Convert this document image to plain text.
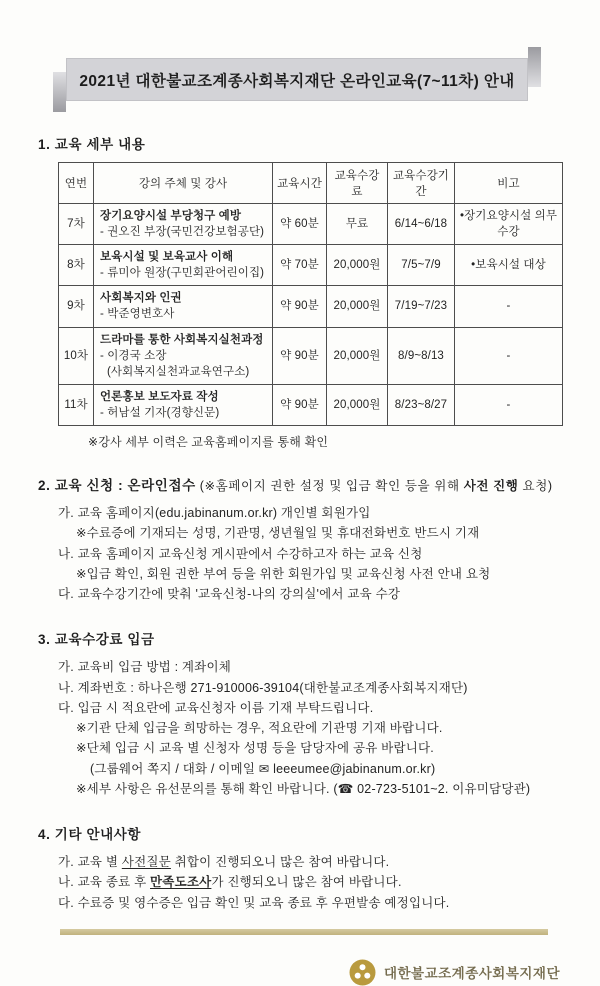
2021년 대한불교조계종사회복지재단 온라인교육(7~11차) 안내
1. 교육 세부 내용
연번	강의 주체 및 강사	교육시간	교육수강료	교육수강기간	비고
7차	장기요양시설 부당청구 예방
- 권오진 부장(국민건강보험공단)	약 60분	무료	6/14~6/18	•장기요양시설 의무수강
8차	보육시설 및 보육교사 이해
- 류미아 원장(구민회관어린이집)	약 70분	20,000원	7/5~7/9	•보육시설 대상
9차	사회복지와 인권
- 박준영변호사	약 90분	20,000원	7/19~7/23	-
10차	드라마를 통한 사회복지실천과정
- 이경국 소장
(사회복지실천과교육연구소)	약 90분	20,000원	8/9~8/13	-
11차	언론홍보 보도자료 작성
- 허남설 기자(경향신문)	약 90분	20,000원	8/23~8/27	-
※강사 세부 이력은 교육홈페이지를 통해 확인
2. 교육 신청 : 온라인접수 (※홈페이지 권한 설정 및 입금 확인 등을 위해 사전 진행 요청)
가. 교육 홈페이지(edu.jabinanum.or.kr) 개인별 회원가입
※수료증에 기재되는 성명, 기관명, 생년월일 및 휴대전화번호 반드시 기재
나. 교육 홈페이지 교육신청 게시판에서 수강하고자 하는 교육 신청
※입금 확인, 회원 권한 부여 등을 위한 회원가입 및 교육신청 사전 안내 요청
다. 교육수강기간에 맞춰 '교육신청-나의 강의실'에서 교육 수강
3. 교육수강료 입금
가. 교육비 입금 방법 : 계좌이체
나. 계좌번호 : 하나은행 271-910006-39104(대한불교조계종사회복지재단)
다. 입금 시 적요란에 교육신청자 이름 기재 부탁드립니다.
※기관 단체 입금을 희망하는 경우, 적요란에 기관명 기재 바랍니다.
※단체 입금 시 교육 별 신청자 성명 등을 담당자에 공유 바랍니다.
(그룹웨어 쪽지 / 대화 / 이메일 ✉ leeeumee@jabinanum.or.kr)
※세부 사항은 유선문의를 통해 확인 바랍니다. (☎ 02-723-5101~2. 이유미담당관)
4. 기타 안내사항
가. 교육 별 사전질문 취합이 진행되오니 많은 참여 바랍니다.
나. 교육 종료 후 만족도조사가 진행되오니 많은 참여 바랍니다.
다. 수료증 및 영수증은 입금 확인 및 교육 종료 후 우편발송 예정입니다.
대한불교조계종사회복지재단
